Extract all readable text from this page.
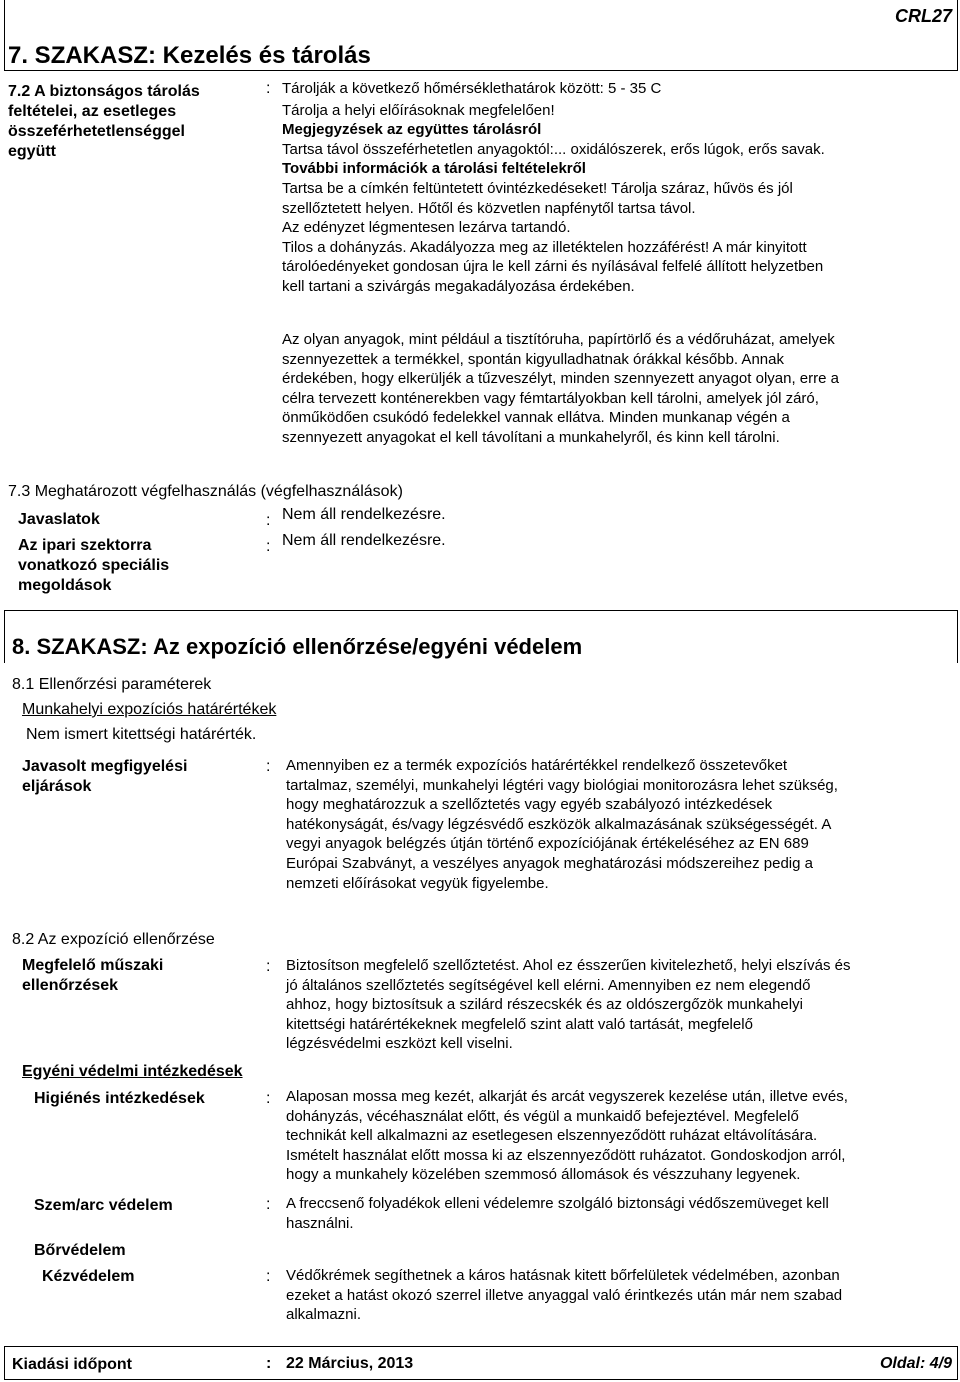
CRL27
7. SZAKASZ: Kezelés és tárolás
7.2 A biztonságos tárolás
feltételei, az esetleges
összeférhetetlenséggel
együtt
: Tárolják a következő hőmérséklethatárok között: 5 - 35 C
Tárolja a helyi előírásoknak megfelelően!
Megjegyzések az együttes tárolásról
Tartsa távol összeférhetetlen anyagoktól:... oxidálószerek, erős lúgok, erős savak.
További információk a tárolási feltételekről
Tartsa be a címkén feltüntetett óvintézkedéseket! Tárolja száraz, hűvös és jól
szellőztetett helyen. Hőtől és közvetlen napfénytől tartsa távol.
Az edényzet légmentesen lezárva tartandó.
Tilos a dohányzás. Akadályozza meg az illetéktelen hozzáférést! A már kinyitott
tárolóedényeket gondosan újra le kell zárni és nyílásával felfelé állított helyzetben
kell tartani a szivárgás megakadályozása érdekében.
Az olyan anyagok, mint például a tisztítóruha, papírtörlő és a védőruházat, amelyek
szennyezettek a termékkel, spontán kigyulladhatnak órákkal később. Annak
érdekében, hogy elkerüljék a tűzveszélyt, minden szennyezett anyagot olyan, erre a
célra tervezett konténerekben vagy fémtartályokban kell tárolni, amelyek jól záró,
önműködően csukódó fedelekkel vannak ellátva. Minden munkanap végén a
szennyezett anyagokat el kell távolítani a munkahelyről, és kinn kell tárolni.
7.3 Meghatározott végfelhasználás (végfelhasználások)
Javaslatok	: Nem áll rendelkezésre.
Az ipari szektorra
vonatkozó speciális
megoldások
: Nem áll rendelkezésre.
8. SZAKASZ: Az expozíció ellenőrzése/egyéni védelem
8.1 Ellenőrzési paraméterek
Munkahelyi expozíciós határértékek
Nem ismert kitettségi határérték.
Javasolt megfigyelési
eljárások
: Amennyiben ez a termék expozíciós határértékkel rendelkező összetevőket
tartalmaz, személyi, munkahelyi légtéri vagy biológiai monitorozásra lehet szükség,
hogy meghatározzuk a szellőztetés vagy egyéb szabályozó intézkedések
hatékonyságát, és/vagy légzésvédő eszközök alkalmazásának szükségességét. A
vegyi anyagok belégzés útján történő expozíciójának értékeléséhez az EN 689
Európai Szabványt, a veszélyes anyagok meghatározási módszereihez pedig a
nemzeti előírásokat vegyük figyelembe.
8.2 Az expozíció ellenőrzése
Megfelelő műszaki
ellenőrzések
: Biztosítson megfelelő szellőztetést. Ahol ez ésszerűen kivitelezhető, helyi elszívás és
jó általános szellőztetés segítségével kell elérni. Amennyiben ez nem elegendő
ahhoz, hogy biztosítsuk a szilárd részecskék és az oldószergőzök munkahelyi
kitettségi határértékeknek megfelelő szint alatt való tartását, megfelelő
légzésvédelmi eszközt kell viselni.
Egyéni védelmi intézkedések
Higiénés intézkedések	: Alaposan mossa meg kezét, alkarját és arcát vegyszerek kezelése után, illetve evés,
dohányzás, vécéhasználat előtt, és végül a munkaidő befejeztével. Megfelelő
technikát kell alkalmazni az esetlegesen elszennyeződött ruházat eltávolítására.
Ismételt használat előtt mossa ki az elszennyeződött ruházatot. Gondoskodjon arról,
hogy a munkahely közelében szemmosó állomások és vészzuhany legyenek.
Szem/arc védelem	: A freccsenő folyadékok elleni védelemre szolgáló biztonsági védőszemüveget kell
használni.
Bőrvédelem
Kézvédelem	: Védőkrémek segíthetnek a káros hatásnak kitett bőrfelületek védelmében, azonban
ezeket a hatást okozó szerrel illetve anyaggal való érintkezés után már nem szabad
alkalmazni.
Kiadási időpont	: 22 Március, 2013	Oldal: 4/9
